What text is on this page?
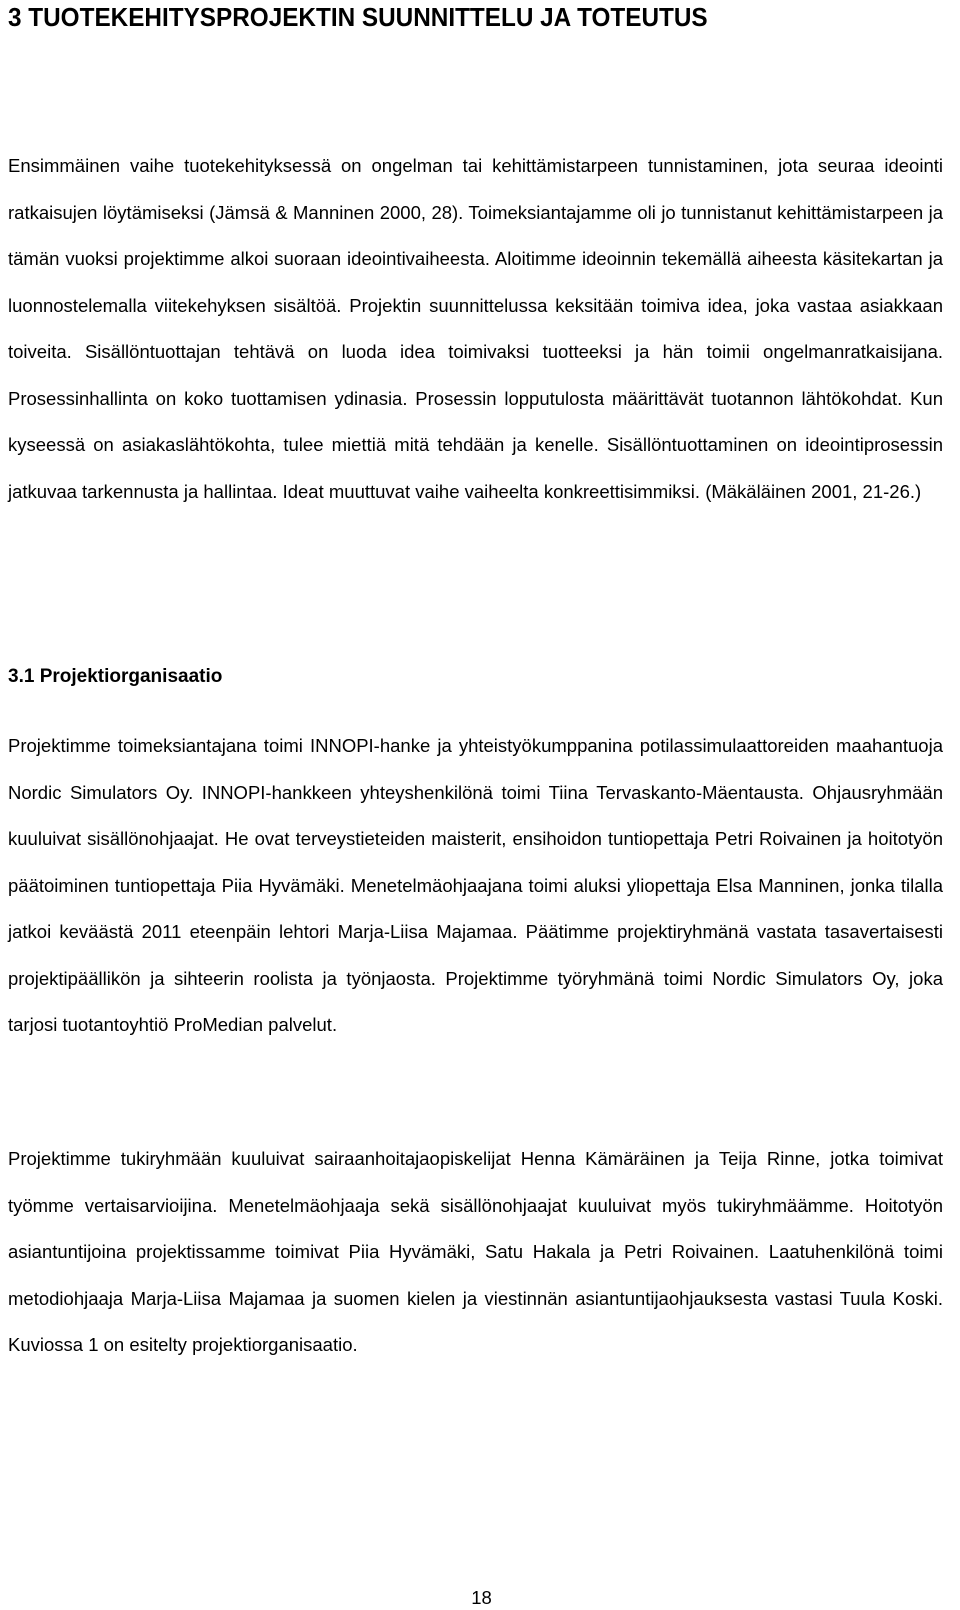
3 TUOTEKEHITYSPROJEKTIN SUUNNITTELU JA TOTEUTUS

Ensimmäinen vaihe tuotekehityksessä on ongelman tai kehittämistarpeen tunnistaminen, jota seuraa ideointi ratkaisujen löytämiseksi (Jämsä & Manninen 2000, 28). Toimeksiantajamme oli jo tunnistanut kehittämistarpeen ja tämän vuoksi projektimme alkoi suoraan ideointivaiheesta. Aloitimme ideoinnin tekemällä aiheesta käsitekartan ja luonnostelemalla viitekehyksen sisältöä. Projektin suunnittelussa keksitään toimiva idea, joka vastaa asiakkaan toiveita. Sisällöntuottajan tehtävä on luoda idea toimivaksi tuotteeksi ja hän toimii ongelmanratkaisijana. Prosessinhallinta on koko tuottamisen ydinasia. Prosessin lopputulosta määrittävät tuotannon lähtökohdat. Kun kyseessä on asiakaslähtökohta, tulee miettiä mitä tehdään ja kenelle. Sisällöntuottaminen on ideointiprosessin jatkuvaa tarkennusta ja hallintaa. Ideat muuttuvat vaihe vaiheelta konkreettisimmiksi. (Mäkäläinen 2001, 21-26.)

3.1 Projektiorganisaatio

Projektimme toimeksiantajana toimi INNOPI-hanke ja yhteistyökumppanina potilassimulaattoreiden maahantuoja Nordic Simulators Oy. INNOPI-hankkeen yhteyshenkilönä toimi Tiina Tervaskanto-Mäentausta. Ohjausryhmään kuuluivat sisällönohjaajat. He ovat terveystieteiden maisterit, ensihoidon tuntiopettaja Petri Roivainen ja hoitotyön päätoiminen tuntiopettaja Piia Hyvämäki. Menetelmäohjaajana toimi aluksi yliopettaja Elsa Manninen, jonka tilalla jatkoi keväästä 2011 eteenpäin lehtori Marja-Liisa Majamaa. Päätimme projektiryhmänä vastata tasavertaisesti projektipäällikön ja sihteerin roolista ja työnjaosta. Projektimme työryhmänä toimi Nordic Simulators Oy, joka tarjosi tuotantoyhtiö ProMedian palvelut.

Projektimme tukiryhmään kuuluivat sairaanhoitajaopiskelijat Henna Kämäräinen ja Teija Rinne, jotka toimivat työmme vertaisarvioijina. Menetelmäohjaaja sekä sisällönohjaajat kuuluivat myös tukiryhmäämme. Hoitotyön asiantuntijoina projektissamme toimivat Piia Hyvämäki, Satu Hakala ja Petri Roivainen. Laatuhenkilönä toimi metodiohjaaja Marja-Liisa Majamaa ja suomen kielen ja viestinnän asiantuntijaohjauksesta vastasi Tuula Koski. Kuviossa 1 on esitelty projektiorganisaatio.

18
